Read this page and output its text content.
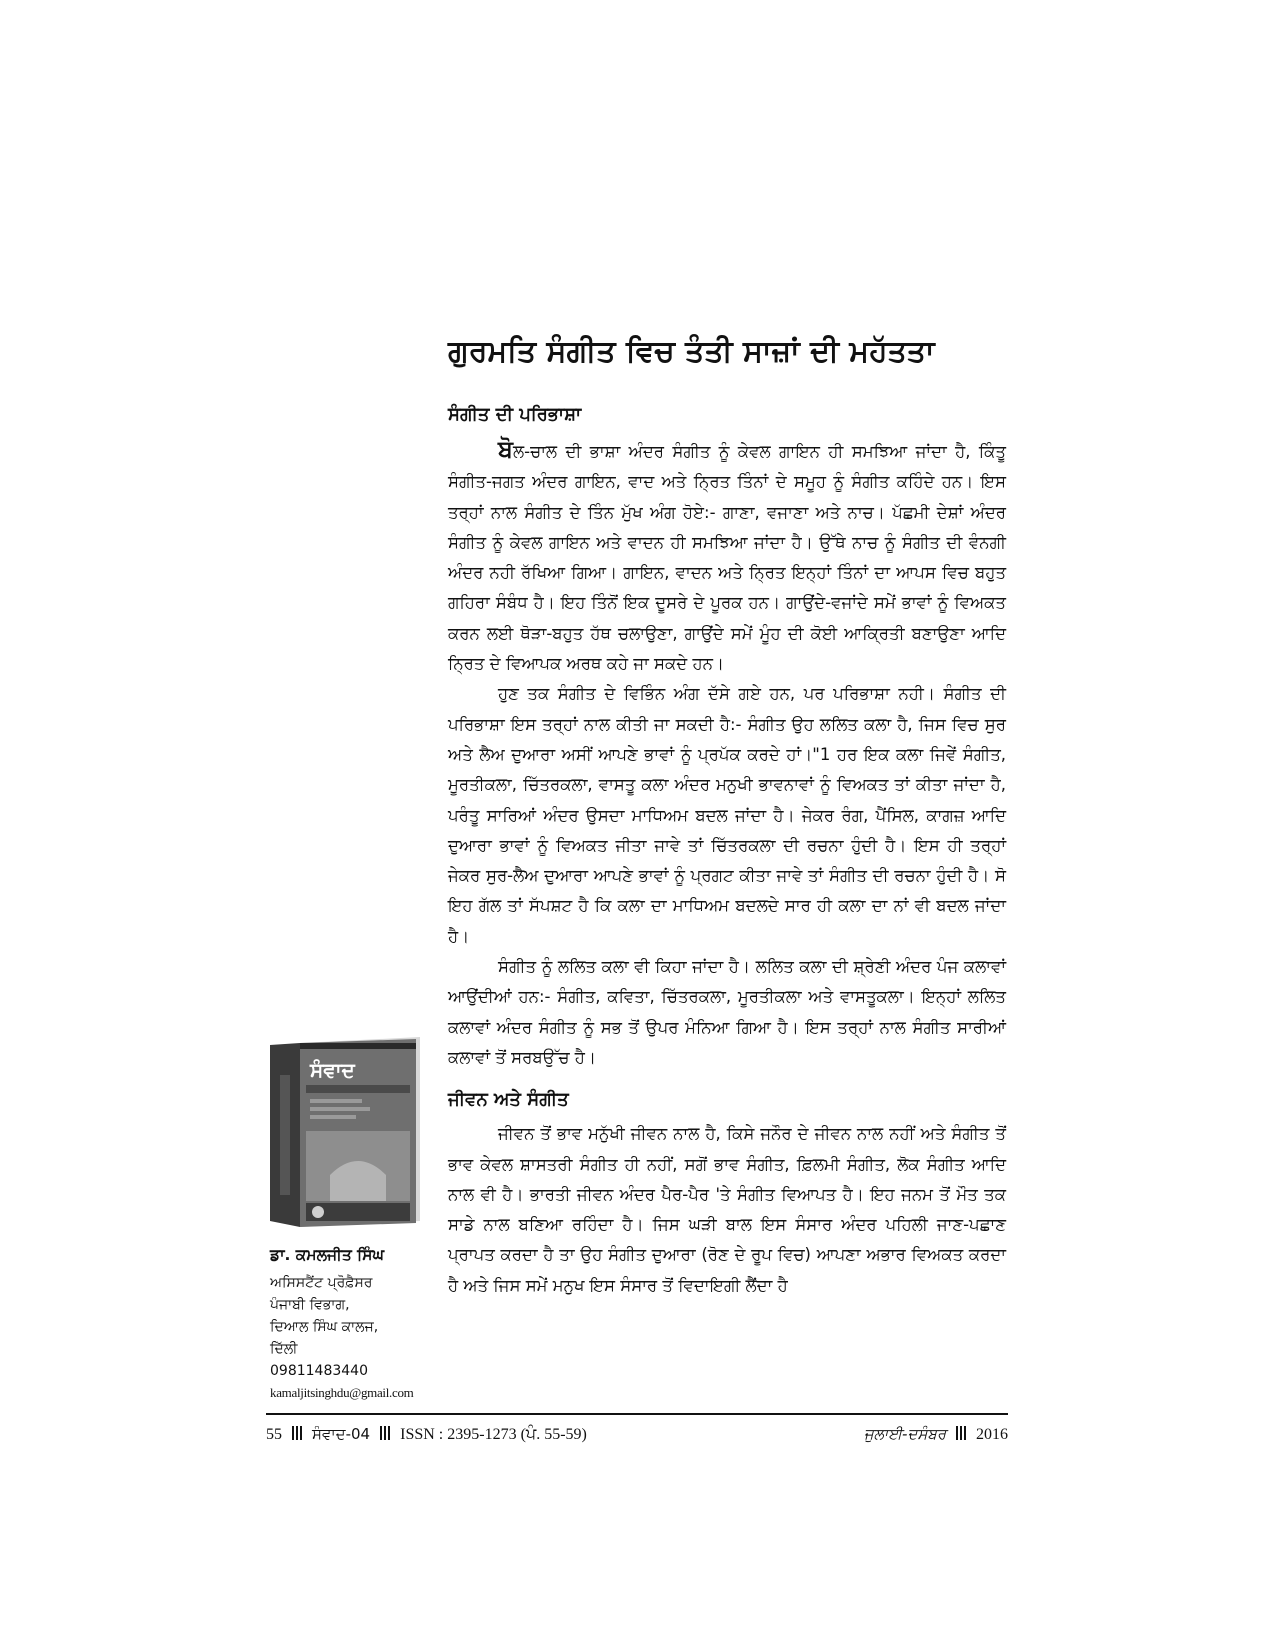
ਗੁਰਮਤਿ ਸੰਗੀਤ ਵਿਚ ਤੰਤੀ ਸਾਜ਼ਾਂ ਦੀ ਮਹੱਤਤਾ
ਸੰਗੀਤ ਦੀ ਪਰਿਭਾਸ਼ਾ

ਬੋਲ-ਚਾਲ ਦੀ ਭਾਸ਼ਾ ਅੰਦਰ ਸੰਗੀਤ ਨੂੰ ਕੇਵਲ ਗਾਇਨ ਹੀ ਸਮਝਿਆ ਜਾਂਦਾ ਹੈ, ਕਿੰਤੂ ਸੰਗੀਤ-ਜਗਤ ਅੰਦਰ ਗਾਇਨ, ਵਾਦ ਅਤੇ ਨ੍ਰਿਤ ਤਿੰਨਾਂ ਦੇ ਸਮੂਹ ਨੂੰ ਸੰਗੀਤ ਕਹਿੰਦੇ ਹਨ। ਇਸ ਤਰ੍ਹਾਂ ਨਾਲ ਸੰਗੀਤ ਦੇ ਤਿੰਨ ਮੁੱਖ ਅੰਗ ਹੋਏ:- ਗਾਣਾ, ਵਜਾਣਾ ਅਤੇ ਨਾਚ। ਪੱਛਮੀ ਦੇਸ਼ਾਂ ਅੰਦਰ ਸੰਗੀਤ ਨੂੰ ਕੇਵਲ ਗਾਇਨ ਅਤੇ ਵਾਦਨ ਹੀ ਸਮਝਿਆ ਜਾਂਦਾ ਹੈ। ਉੱਥੇ ਨਾਚ ਨੂੰ ਸੰਗੀਤ ਦੀ ਵੰਨਗੀ ਅੰਦਰ ਨਹੀ ਰੱਖਿਆ ਗਿਆ। ਗਾਇਨ, ਵਾਦਨ ਅਤੇ ਨ੍ਰਿਤ ਇਨ੍ਹਾਂ ਤਿੰਨਾਂ ਦਾ ਆਪਸ ਵਿਚ ਬਹੁਤ ਗਹਿਰਾ ਸੰਬੰਧ ਹੈ। ਇਹ ਤਿੰਨੋਂ ਇਕ ਦੂਸਰੇ ਦੇ ਪੂਰਕ ਹਨ। ਗਾਉਂਦੇ-ਵਜਾਂਦੇ ਸਮੇਂ ਭਾਵਾਂ ਨੂੰ ਵਿਅਕਤ ਕਰਨ ਲਈ ਥੋੜਾ-ਬਹੁਤ ਹੱਥ ਚਲਾਉਣਾ, ਗਾਉਂਦੇ ਸਮੇਂ ਮੂੰਹ ਦੀ ਕੋਈ ਆਕ੍ਰਿਤੀ ਬਣਾਉਣਾ ਆਦਿ ਨ੍ਰਿਤ ਦੇ ਵਿਆਪਕ ਅਰਥ ਕਹੇ ਜਾ ਸਕਦੇ ਹਨ।

ਹੁਣ ਤਕ ਸੰਗੀਤ ਦੇ ਵਿਭਿੰਨ ਅੰਗ ਦੱਸੇ ਗਏ ਹਨ, ਪਰ ਪਰਿਭਾਸ਼ਾ ਨਹੀ। ਸੰਗੀਤ ਦੀ ਪਰਿਭਾਸ਼ਾ ਇਸ ਤਰ੍ਹਾਂ ਨਾਲ ਕੀਤੀ ਜਾ ਸਕਦੀ ਹੈ:- ਸੰਗੀਤ ਉਹ ਲਲਿਤ ਕਲਾ ਹੈ, ਜਿਸ ਵਿਚ ਸੁਰ ਅਤੇ ਲੈਅ ਦੁਆਰਾ ਅਸੀਂ ਆਪਣੇ ਭਾਵਾਂ ਨੂੰ ਪ੍ਰਪੱਕ ਕਰਦੇ ਹਾਂ।"1 ਹਰ ਇਕ ਕਲਾ ਜਿਵੇਂ ਸੰਗੀਤ, ਮੂਰਤੀਕਲਾ, ਚਿੱਤਰਕਲਾ, ਵਾਸਤੂ ਕਲਾ ਅੰਦਰ ਮਨੁਖੀ ਭਾਵਨਾਵਾਂ ਨੂੰ ਵਿਅਕਤ ਤਾਂ ਕੀਤਾ ਜਾਂਦਾ ਹੈ, ਪਰੰਤੂ ਸਾਰਿਆਂ ਅੰਦਰ ਉਸਦਾ ਮਾਧਿਅਮ ਬਦਲ ਜਾਂਦਾ ਹੈ। ਜੇਕਰ ਰੰਗ, ਪੈਂਸਿਲ, ਕਾਗਜ਼ ਆਦਿ ਦੁਆਰਾ ਭਾਵਾਂ ਨੂੰ ਵਿਅਕਤ ਜੀਤਾ ਜਾਵੇ ਤਾਂ ਚਿੱਤਰਕਲਾ ਦੀ ਰਚਨਾ ਹੁੰਦੀ ਹੈ। ਇਸ ਹੀ ਤਰ੍ਹਾਂ ਜੇਕਰ ਸੁਰ-ਲੈਅ ਦੁਆਰਾ ਆਪਣੇ ਭਾਵਾਂ ਨੂੰ ਪ੍ਰਗਟ ਕੀਤਾ ਜਾਵੇ ਤਾਂ ਸੰਗੀਤ ਦੀ ਰਚਨਾ ਹੁੰਦੀ ਹੈ। ਸੋ ਇਹ ਗੱਲ ਤਾਂ ਸੱਪਸ਼ਟ ਹੈ ਕਿ ਕਲਾ ਦਾ ਮਾਧਿਅਮ ਬਦਲਦੇ ਸਾਰ ਹੀ ਕਲਾ ਦਾ ਨਾਂ ਵੀ ਬਦਲ ਜਾਂਦਾ ਹੈ।

ਸੰਗੀਤ ਨੂੰ ਲਲਿਤ ਕਲਾ ਵੀ ਕਿਹਾ ਜਾਂਦਾ ਹੈ। ਲਲਿਤ ਕਲਾ ਦੀ ਸ਼੍ਰੇਣੀ ਅੰਦਰ ਪੰਜ ਕਲਾਵਾਂ ਆਉਂਦੀਆਂ ਹਨ:- ਸੰਗੀਤ, ਕਵਿਤਾ, ਚਿੱਤਰਕਲਾ, ਮੂਰਤੀਕਲਾ ਅਤੇ ਵਾਸਤੂਕਲਾ। ਇਨ੍ਹਾਂ ਲਲਿਤ ਕਲਾਵਾਂ ਅੰਦਰ ਸੰਗੀਤ ਨੂੰ ਸਭ ਤੋਂ ਉਪਰ ਮੰਨਿਆ ਗਿਆ ਹੈ। ਇਸ ਤਰ੍ਹਾਂ ਨਾਲ ਸੰਗੀਤ ਸਾਰੀਆਂ ਕਲਾਵਾਂ ਤੋਂ ਸਰਬਉੱਚ ਹੈ।

ਜੀਵਨ ਅਤੇ ਸੰਗੀਤ

ਜੀਵਨ ਤੋਂ ਭਾਵ ਮਨੁੱਖੀ ਜੀਵਨ ਨਾਲ ਹੈ, ਕਿਸੇ ਜਨੌਰ ਦੇ ਜੀਵਨ ਨਾਲ ਨਹੀਂ ਅਤੇ ਸੰਗੀਤ ਤੋਂ ਭਾਵ ਕੇਵਲ ਸ਼ਾਸਤਰੀ ਸੰਗੀਤ ਹੀ ਨਹੀਂ, ਸਗੋਂ ਭਾਵ ਸੰਗੀਤ, ਫ਼ਿਲਮੀ ਸੰਗੀਤ, ਲੋਕ ਸੰਗੀਤ ਆਦਿ ਨਾਲ ਵੀ ਹੈ। ਭਾਰਤੀ ਜੀਵਨ ਅੰਦਰ ਪੈਰ-ਪੈਰ 'ਤੇ ਸੰਗੀਤ ਵਿਆਪਤ ਹੈ। ਇਹ ਜਨਮ ਤੋਂ ਮੌਤ ਤਕ ਸਾਡੇ ਨਾਲ ਬਣਿਆ ਰਹਿੰਦਾ ਹੈ। ਜਿਸ ਘੜੀ ਬਾਲ ਇਸ ਸੰਸਾਰ ਅੰਦਰ ਪਹਿਲੀ ਜਾਣ-ਪਛਾਣ ਪ੍ਰਾਪਤ ਕਰਦਾ ਹੈ ਤਾ ਉਹ ਸੰਗੀਤ ਦੁਆਰਾ (ਰੋਣ ਦੇ ਰੂਪ ਵਿਚ) ਆਪਣਾ ਅਭਾਰ ਵਿਅਕਤ ਕਰਦਾ ਹੈ ਅਤੇ ਜਿਸ ਸਮੇਂ ਮਨੁਖ ਇਸ ਸੰਸਾਰ ਤੋਂ ਵਿਦਾਇਗੀ ਲੈਂਦਾ ਹੈ

ਸੰਵਾਦ

ਡਾ. ਕਮਲਜੀਤ ਸਿੰਘ

ਅਸਿਸਟੈਂਟ ਪ੍ਰੋਫ਼ੈਸਰ

ਪੰਜਾਬੀ ਵਿਭਾਗ,

ਦਿਆਲ ਸਿੰਘ ਕਾਲਜ,

ਦਿੱਲੀ

09811483440

kamaljitsinghdu@gmail.com

55 ਸੰਵਾਦ-04 ISSN : 2395-1273 (ਪੰ. 55-59)	ਜੁਲਾਈ-ਦਸੰਬਰ 2016
